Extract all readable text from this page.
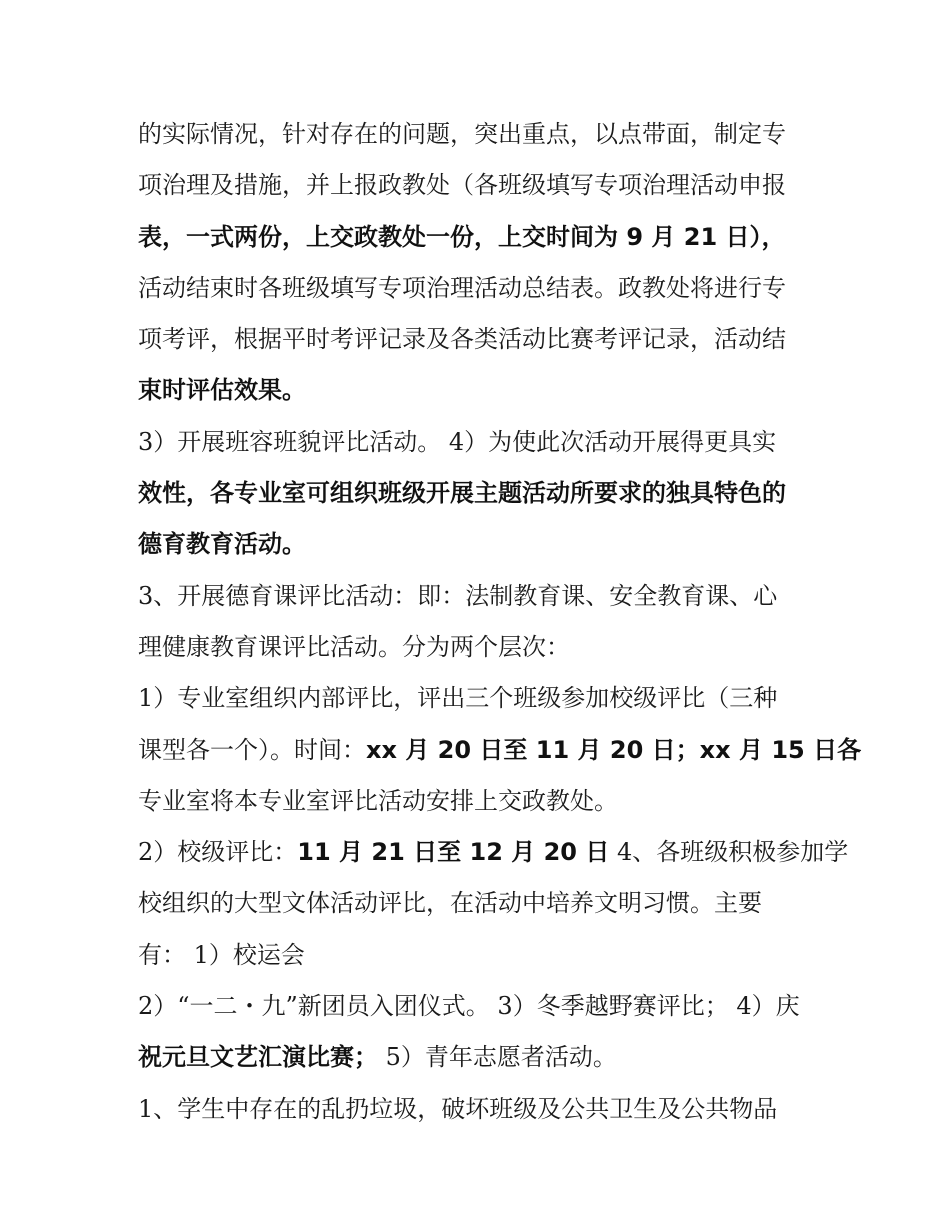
的实际情况，针对存在的问题，突出重点，以点带面，制定专
项治理及措施，并上报政教处（各班级填写专项治理活动申报
表，一式两份，上交政教处一份，上交时间为 9 月 21 日），
活动结束时各班级填写专项治理活动总结表。政教处将进行专
项考评，根据平时考评记录及各类活动比赛考评记录，活动结
束时评估效果。
3）开展班容班貌评比活动。 4）为使此次活动开展得更具实
效性，各专业室可组织班级开展主题活动所要求的独具特色的
德育教育活动。
3、开展德育课评比活动：即：法制教育课、安全教育课、心
理健康教育课评比活动。分为两个层次：
1）专业室组织内部评比，评出三个班级参加校级评比（三种
课型各一个）。时间：xx 月 20 日至 11 月 20 日；xx 月 15 日各
专业室将本专业室评比活动安排上交政教处。
2）校级评比：11 月 21 日至 12 月 20 日 4、各班级积极参加学
校组织的大型文体活动评比，在活动中培养文明习惯。主要
有： 1）校运会
2）“一二・九”新团员入团仪式。 3）冬季越野赛评比； 4）庆
祝元旦文艺汇演比赛； 5）青年志愿者活动。
1、学生中存在的乱扔垃圾，破坏班级及公共卫生及公共物品
